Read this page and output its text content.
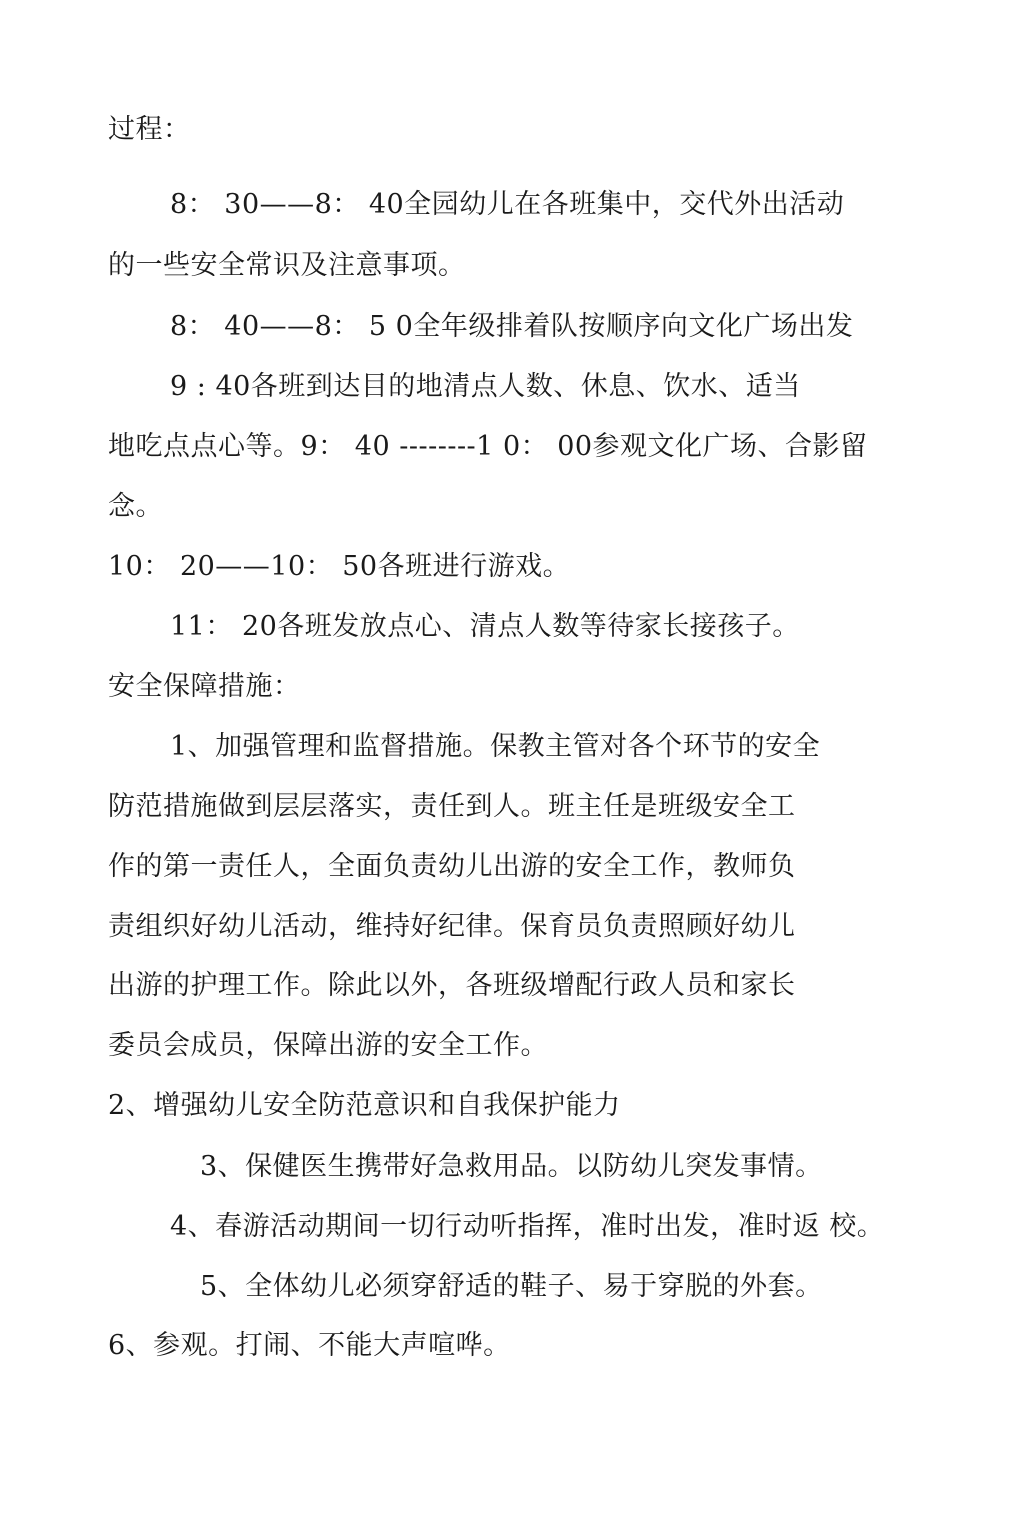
过程：
8： 30——8： 40全园幼儿在各班集中，交代外出活动
的一些安全常识及注意事项。
8： 40——8： 5 0全年级排着队按顺序向文化广场出发
9 : 40各班到达目的地清点人数、休息、饮水、适当
地吃点点心等。9： 40 --------1 0： 00参观文化广场、合影留
念。
10： 20——10： 50各班进行游戏。
11： 20各班发放点心、清点人数等待家长接孩子。
安全保障措施：
1、加强管理和监督措施。保教主管对各个环节的安全
防范措施做到层层落实，责任到人。班主任是班级安全工
作的第一责任人，全面负责幼儿出游的安全工作，教师负
责组织好幼儿活动，维持好纪律。保育员负责照顾好幼儿
出游的护理工作。除此以外，各班级增配行政人员和家长
委员会成员，保障出游的安全工作。
2、增强幼儿安全防范意识和自我保护能力
3、保健医生携带好急救用品。以防幼儿突发事情。
4、春游活动期间一切行动听指挥，准时出发，准时返 校。
5、全体幼儿必须穿舒适的鞋子、易于穿脱的外套。
6、参观。打闹、不能大声喧哗。
